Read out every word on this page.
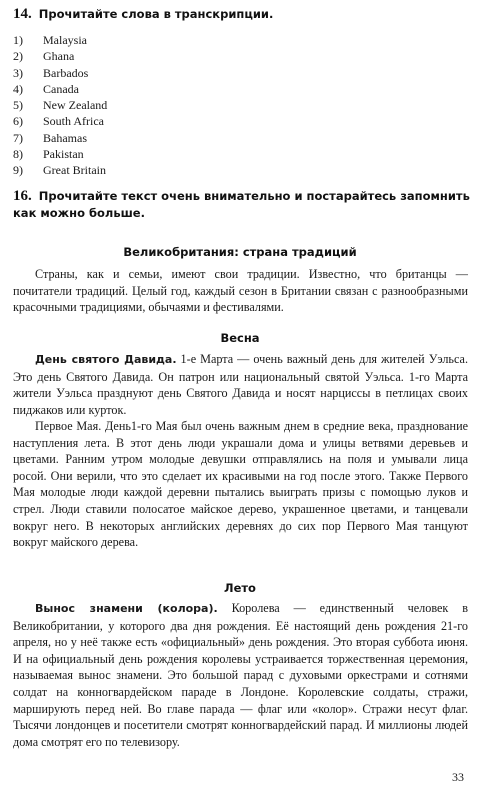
14. Прочитайте слова в транскрипции.
1) Malaysia
2) Ghana
3) Barbados
4) Canada
5) New Zealand
6) South Africa
7) Bahamas
8) Pakistan
9) Great Britain
16. Прочитайте текст очень внимательно и постарайтесь запомнить как можно больше.
Великобритания: страна традиций

Страны, как и семьи, имеют свои традиции. Известно, что британцы — почитатели традиций. Целый год, каждый сезон в Британии связан с разнообразными красочными традициями, обычаями и фестивалями.

Весна

День святого Давида. 1-е Марта — очень важный день для жителей Уэльса. Это день Святого Давида. Он патрон или национальный святой Уэльса. 1-го Марта жители Уэльса празднуют день Святого Давида и носят нарциссы в петлицах своих пиджаков или курток.

Первое Мая. День1-го Мая был очень важным днем в средние века, празднование наступления лета. В этот день люди украшали дома и улицы ветвями деревьев и цветами. Ранним утром молодые девушки отправлялись на поля и умывали лица росой. Они верили, что это сделает их красивыми на год после этого. Также Первого Мая молодые люди каждой деревни пытались выиграть призы с помощью луков и стрел. Люди ставили полосатое майское дерево, украшенное цветами, и танцевали вокруг него. В некоторых английских деревнях до сих пор Первого Мая танцуют вокруг майского дерева.

Лето

Вынос знамени (колора). Королева — единственный человек в Великобритании, у которого два дня рождения. Её настоящий день рождения 21-го апреля, но у неё также есть «официальный» день рождения. Это вторая суббота июня. И на официальный день рождения королевы устраивается торжественная церемония, называемая вынос знамени. Это большой парад с духовыми оркестрами и сотнями солдат на конногвардейском параде в Лондоне. Королевские солдаты, стражи, марширують перед ней. Во главе парада — флаг или «колор». Стражи несут флаг. Тысячи лондонцев и посетители смотрят конногвардейский парад. И миллионы людей дома смотрят его по телевизору.

33
